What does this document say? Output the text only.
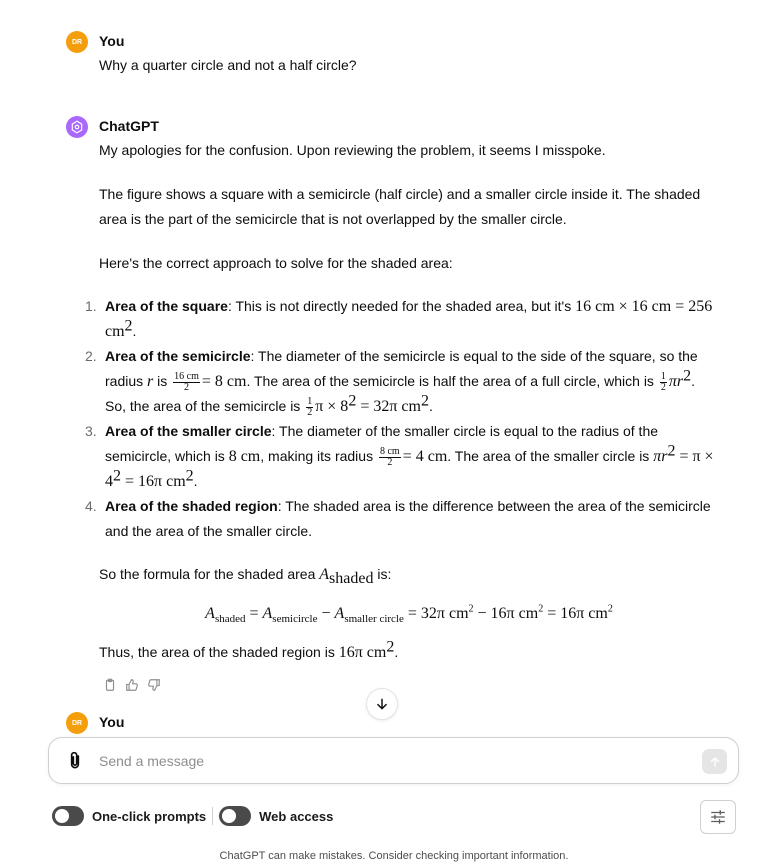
DR You
Why a quarter circle and not a half circle?
ChatGPT

My apologies for the confusion. Upon reviewing the problem, it seems I misspoke.

The figure shows a square with a semicircle (half circle) and a smaller circle inside it. The shaded area is the part of the semicircle that is not overlapped by the smaller circle.

Here's the correct approach to solve for the shaded area:

1. Area of the square: This is not directly needed for the shaded area, but it's 16 cm × 16 cm = 256 $cm^2$.
2. Area of the semicircle: The diameter of the semicircle is equal to the side of the square, so the radius r is $\frac{16 cm}{2} = 8$ cm. The area of the semicircle is half the area of a full circle, which is $\frac{1}{2} \pi r^2$. So, the area of the semicircle is $\frac{1}{2}$ $\pi \times 8^2 = 32\pi$ $cm^2$.
3. Area of the smaller circle: The diameter of the smaller circle is equal to the radius of the semicircle, which is 8 cm, making its radius $\frac{8 cm}{2} = 4$ cm. The area of the smaller circle is $\pi r^2 = \pi \times 4^2 = 16\pi$ $cm^2$.
4. Area of the shaded region: The shaded area is the difference between the area of the semicircle and the area of the smaller circle.

So the formula for the shaded area $A_{shaded}$ is:

$A_{shaded} = A_{semicircle} - A_{smaller circle} = 32\pi$ $cm^2 - 16\pi$ $cm^2 = 16\pi$ $cm^2$

Thus, the area of the shaded region is 16π $cm^2$.

DR You
Send a message
One-click prompts	Web access
ChatGPT can make mistakes. Consider checking important information.
